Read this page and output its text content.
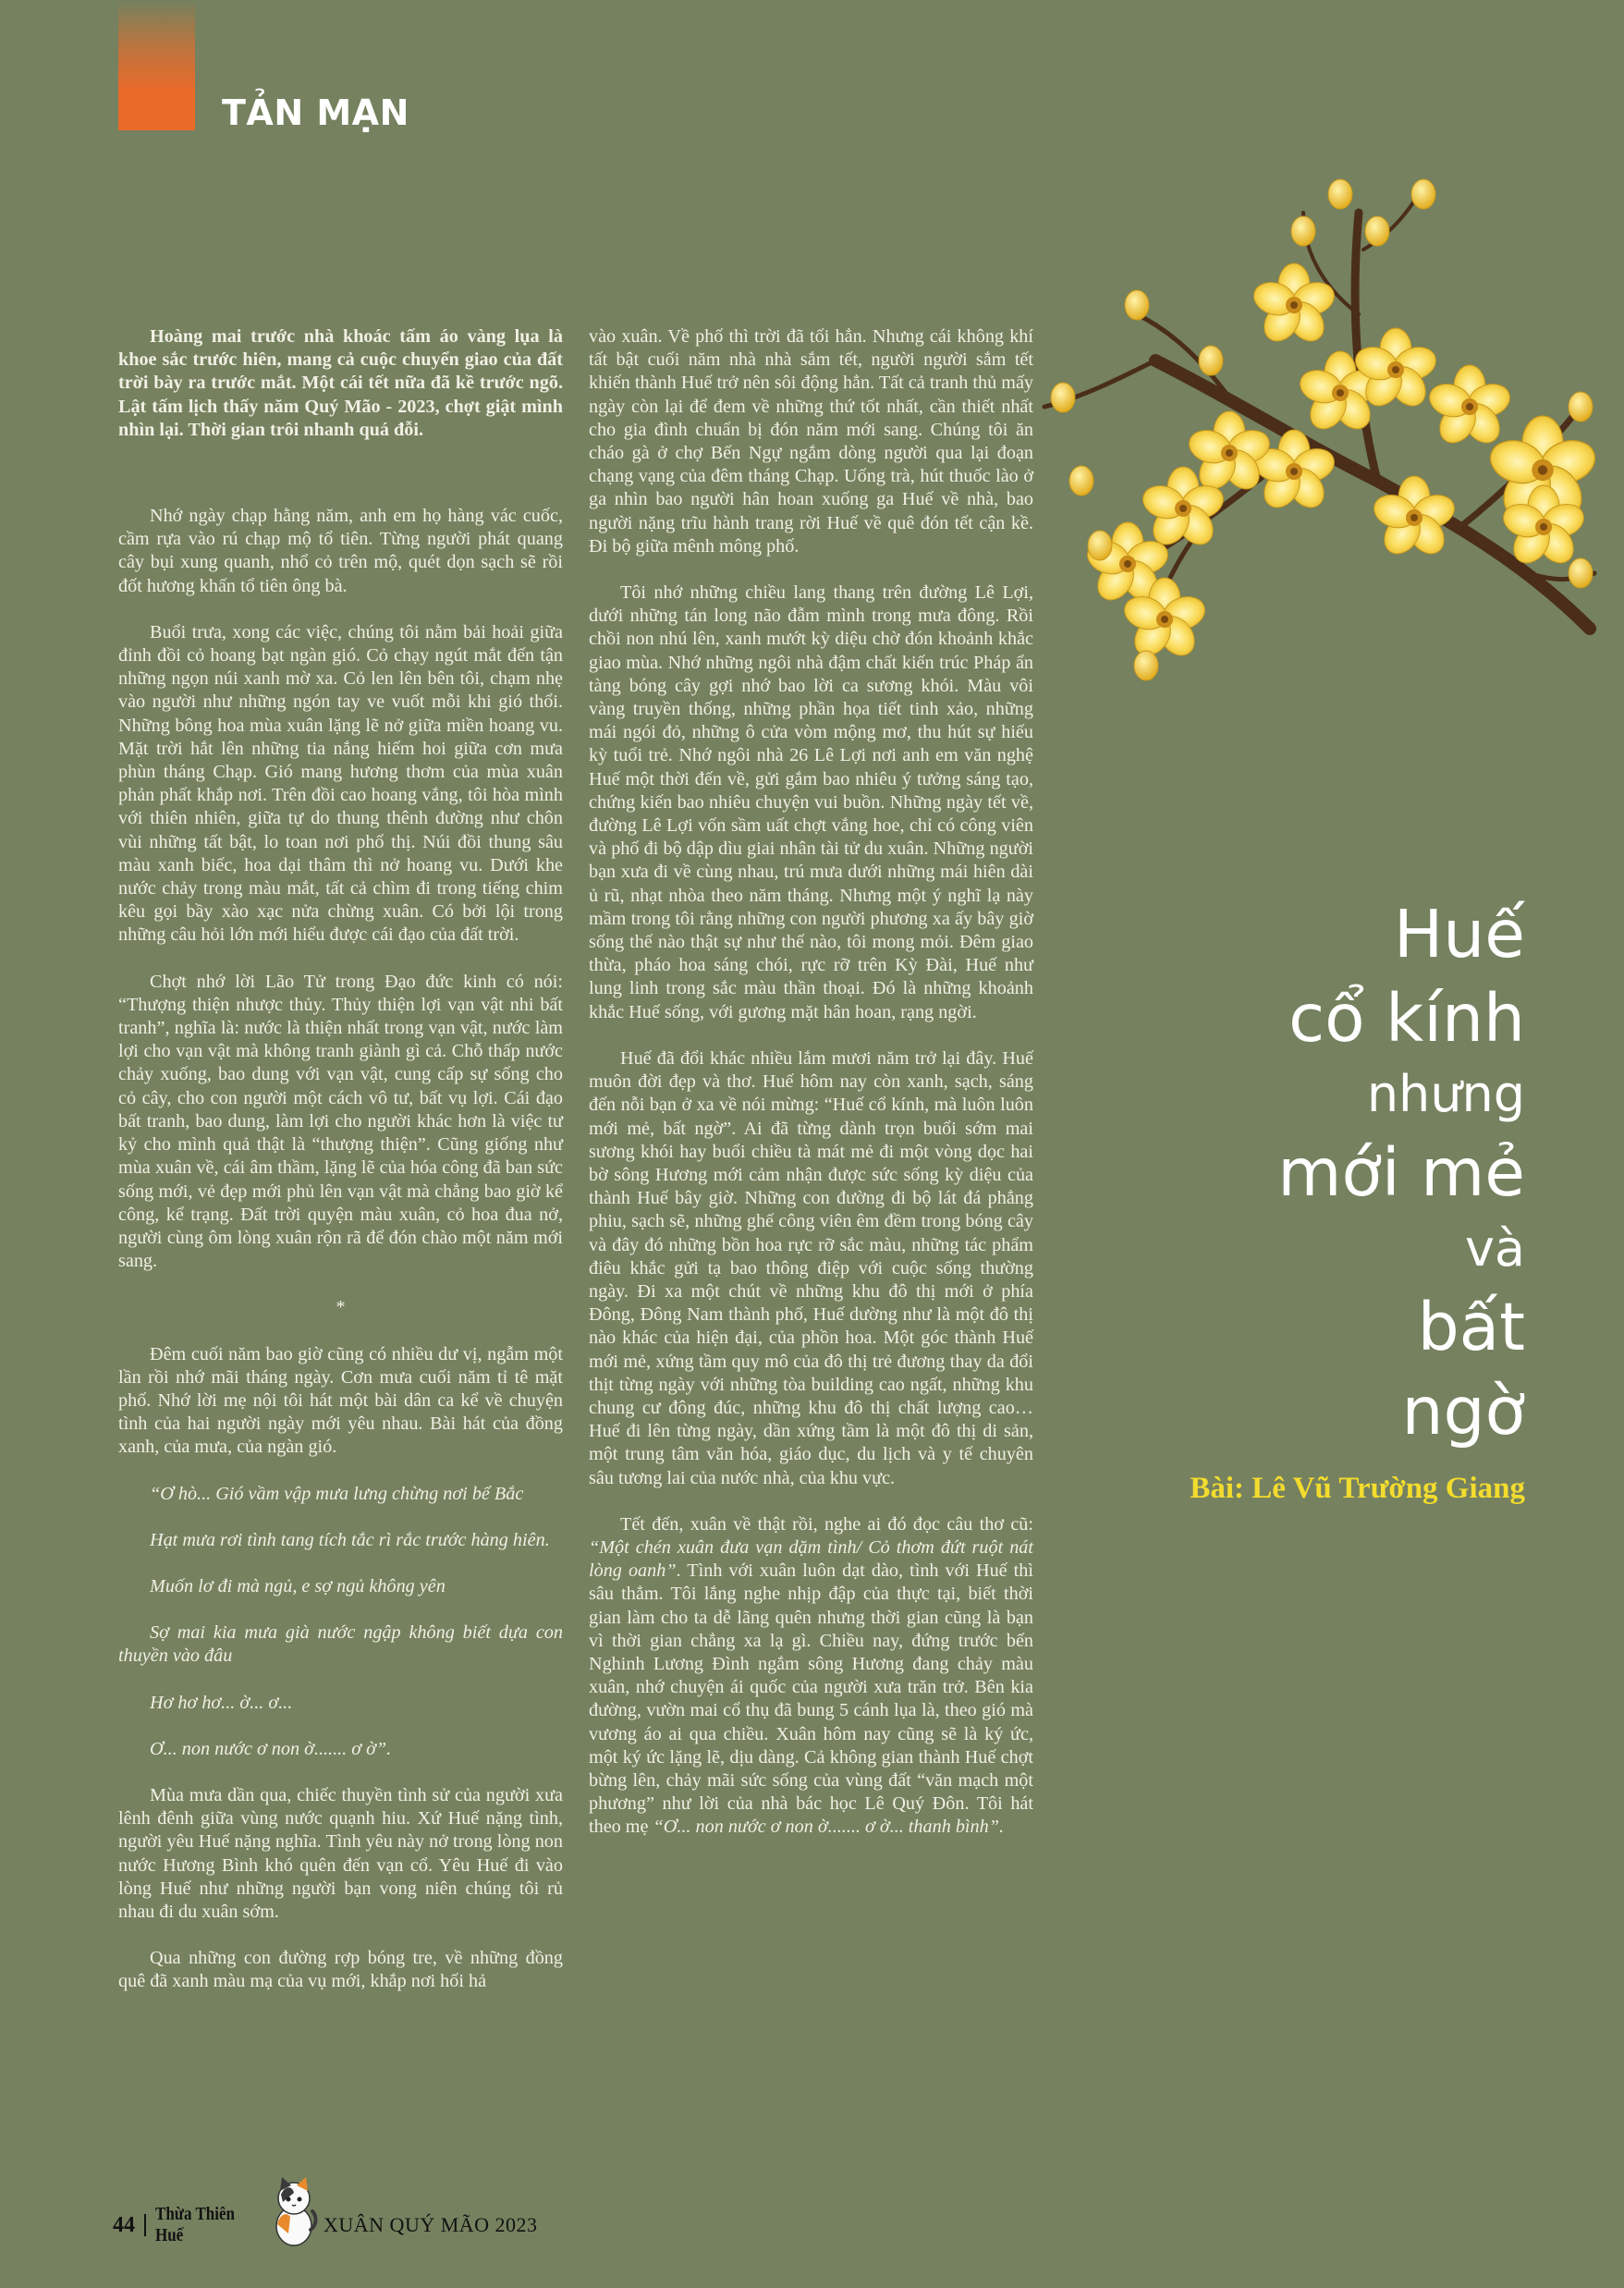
TẢN MẠN

Hoàng mai trước nhà khoác tấm áo vàng lụa là khoe sắc trước hiên, mang cả cuộc chuyển giao của đất trời bày ra trước mắt. Một cái tết nữa đã kề trước ngõ. Lật tấm lịch thấy năm Quý Mão - 2023, chợt giật mình nhìn lại. Thời gian trôi nhanh quá đỗi.

Nhớ ngày chạp hằng năm, anh em họ hàng vác cuốc, cầm rựa vào rú chạp mộ tổ tiên. Từng người phát quang cây bụi xung quanh, nhổ cỏ trên mộ, quét dọn sạch sẽ rồi đốt hương khấn tổ tiên ông bà.

Buổi trưa, xong các việc, chúng tôi nằm bải hoải giữa đỉnh đồi cỏ hoang bạt ngàn gió. Cỏ chạy ngút mắt đến tận những ngọn núi xanh mờ xa. Cỏ len lên bên tôi, chạm nhẹ vào người như những ngón tay ve vuốt mỗi khi gió thổi. Những bông hoa mùa xuân lặng lẽ nở giữa miền hoang vu. Mặt trời hắt lên những tia nắng hiếm hoi giữa cơn mưa phùn tháng Chạp. Gió mang hương thơm của mùa xuân phản phất khắp nơi. Trên đồi cao hoang vắng, tôi hòa mình với thiên nhiên, giữa tự do thung thênh đường như chôn vùi những tất bật, lo toan nơi phố thị. Núi đồi thung sâu màu xanh biếc, hoa dại thâm thì nở hoang vu. Dưới khe nước chảy trong màu mắt, tất cả chìm đi trong tiếng chim kêu gọi bầy xào xạc nửa chừng xuân. Có bởi lội trong những câu hỏi lớn mới hiểu được cái đạo của đất trời.

Chợt nhớ lời Lão Tử trong Đạo đức kinh có nói: “Thượng thiện nhược thủy. Thủy thiện lợi vạn vật nhi bất tranh”, nghĩa là: nước là thiện nhất trong vạn vật, nước làm lợi cho vạn vật mà không tranh giành gì cả. Chỗ thấp nước chảy xuống, bao dung với vạn vật, cung cấp sự sống cho cỏ cây, cho con người một cách vô tư, bất vụ lợi. Cái đạo bất tranh, bao dung, làm lợi cho người khác hơn là việc tư kỷ cho mình quả thật là “thượng thiện”. Cũng giống như mùa xuân về, cái âm thầm, lặng lẽ của hóa công đã ban sức sống mới, vẻ đẹp mới phủ lên vạn vật mà chẳng bao giờ kể công, kể trạng. Đất trời quyện màu xuân, cỏ hoa đua nở, người cùng ôm lòng xuân rộn rã để đón chào một năm mới sang.

*

Đêm cuối năm bao giờ cũng có nhiều dư vị, ngẫm một lần rồi nhớ mãi tháng ngày. Cơn mưa cuối năm tỉ tê mặt phố. Nhớ lời mẹ nội tôi hát một bài dân ca kể về chuyện tình của hai người ngày mới yêu nhau. Bài hát của đồng xanh, của mưa, của ngàn gió.

“Ơ hò... Gió vầm vập mưa lưng chừng nơi bể Bắc

Hạt mưa rơi tình tang tích tắc rì rắc trước hàng hiên.

Muốn lơ đi mà ngủ, e sợ ngủ không yên

Sợ mai kia mưa già nước ngập không biết dựa con thuyền vào đâu

Hơ hơ hơ... ờ... ơ...

Ơ... non nước ơ non ờ....... ơ ờ”.

Mùa mưa dần qua, chiếc thuyền tình sử của người xưa lênh đênh giữa vùng nước quạnh hiu. Xứ Huế nặng tình, người yêu Huế nặng nghĩa. Tình yêu này nở trong lòng non nước Hương Bình khó quên đến vạn cổ. Yêu Huế đi vào lòng Huế như những người bạn vong niên chúng tôi rủ nhau đi du xuân sớm.

Qua những con đường rợp bóng tre, về những đồng quê đã xanh màu mạ của vụ mới, khắp nơi hối hả

vào xuân. Về phố thì trời đã tối hẳn. Nhưng cái không khí tất bật cuối năm nhà nhà sắm tết, người người sắm tết khiến thành Huế trở nên sôi động hẳn. Tất cả tranh thủ mấy ngày còn lại để đem về những thứ tốt nhất, cần thiết nhất cho gia đình chuẩn bị đón năm mới sang. Chúng tôi ăn cháo gà ở chợ Bến Ngự ngắm dòng người qua lại đoạn chạng vạng của đêm tháng Chạp. Uống trà, hút thuốc lào ở ga nhìn bao người hân hoan xuống ga Huế về nhà, bao người nặng trĩu hành trang rời Huế về quê đón tết cận kề. Đi bộ giữa mênh mông phố.

Tôi nhớ những chiều lang thang trên đường Lê Lợi, dưới những tán long não đẫm mình trong mưa đông. Rồi chồi non nhú lên, xanh mướt kỳ diệu chờ đón khoảnh khắc giao mùa. Nhớ những ngôi nhà đậm chất kiến trúc Pháp ẩn tàng bóng cây gợi nhớ bao lời ca sương khói. Màu vôi vàng truyền thống, những phần họa tiết tinh xảo, những mái ngói đỏ, những ô cửa vòm mộng mơ, thu hút sự hiếu kỳ tuổi trẻ. Nhớ ngôi nhà 26 Lê Lợi nơi anh em văn nghệ Huế một thời đến về, gửi gắm bao nhiêu ý tưởng sáng tạo, chứng kiến bao nhiêu chuyện vui buồn. Những ngày tết về, đường Lê Lợi vốn sầm uất chợt vắng hoe, chỉ có công viên và phố đi bộ dập dìu giai nhân tài tử du xuân. Những người bạn xưa đi về cùng nhau, trú mưa dưới những mái hiên dài ủ rũ, nhạt nhòa theo năm tháng. Nhưng một ý nghĩ lạ này mầm trong tôi rằng những con người phương xa ấy bây giờ sống thế nào thật sự như thế nào, tôi mong mỏi. Đêm giao thừa, pháo hoa sáng chói, rực rỡ trên Kỳ Đài, Huế như lung linh trong sắc màu thần thoại. Đó là những khoảnh khắc Huế sống, với gương mặt hân hoan, rạng ngời.

Huế đã đổi khác nhiều lắm mươi năm trở lại đây. Huế muôn đời đẹp và thơ. Huế hôm nay còn xanh, sạch, sáng đến nỗi bạn ở xa về nói mừng: “Huế cổ kính, mà luôn luôn mới mẻ, bất ngờ”. Ai đã từng dành trọn buổi sớm mai sương khói hay buổi chiều tà mát mẻ đi một vòng dọc hai bờ sông Hương mới cảm nhận được sức sống kỳ diệu của thành Huế bây giờ. Những con đường đi bộ lát đá phẳng phiu, sạch sẽ, những ghế công viên êm đềm trong bóng cây và đây đó những bồn hoa rực rỡ sắc màu, những tác phẩm điêu khắc gửi tạ bao thông điệp với cuộc sống thường ngày. Đi xa một chút về những khu đô thị mới ở phía Đông, Đông Nam thành phố, Huế dường như là một đô thị nào khác của hiện đại, của phồn hoa. Một góc thành Huế mới mẻ, xứng tầm quy mô của đô thị trẻ đương thay da đổi thịt từng ngày với những tòa building cao ngất, những khu chung cư đông đúc, những khu đô thị chất lượng cao… Huế đi lên từng ngày, dần xứng tầm là một đô thị di sản, một trung tâm văn hóa, giáo dục, du lịch và y tế chuyên sâu tương lai của nước nhà, của khu vực.

Tết đến, xuân về thật rồi, nghe ai đó đọc câu thơ cũ: “Một chén xuân đưa vạn dặm tình/ Cỏ thơm đứt ruột nát lòng oanh”. Tình với xuân luôn dạt dào, tình với Huế thì sâu thẳm. Tôi lắng nghe nhịp đập của thực tại, biết thời gian làm cho ta dễ lãng quên nhưng thời gian cũng là bạn vì thời gian chẳng xa lạ gì. Chiều nay, đứng trước bến Nghinh Lương Đình ngắm sông Hương đang chảy màu xuân, nhớ chuyện ái quốc của người xưa trăn trở. Bên kia đường, vườn mai cổ thụ đã bung 5 cánh lụa là, theo gió mà vương áo ai qua chiều. Xuân hôm nay cũng sẽ là ký ức, một ký ức lặng lẽ, dịu dàng. Cả không gian thành Huế chợt bừng lên, chảy mãi sức sống của vùng đất “văn mạch một phương” như lời của nhà bác học Lê Quý Đôn. Tôi hát theo mẹ “Ơ... non nước ơ non ờ....... ơ ờ... thanh bình”.

Huế
cổ kính
nhưng
mới mẻ
và
bất
ngờ
Bài: Lê Vũ Trường Giang
44 Thừa Thiên Huế	XUÂN QUÝ MÃO 2023
